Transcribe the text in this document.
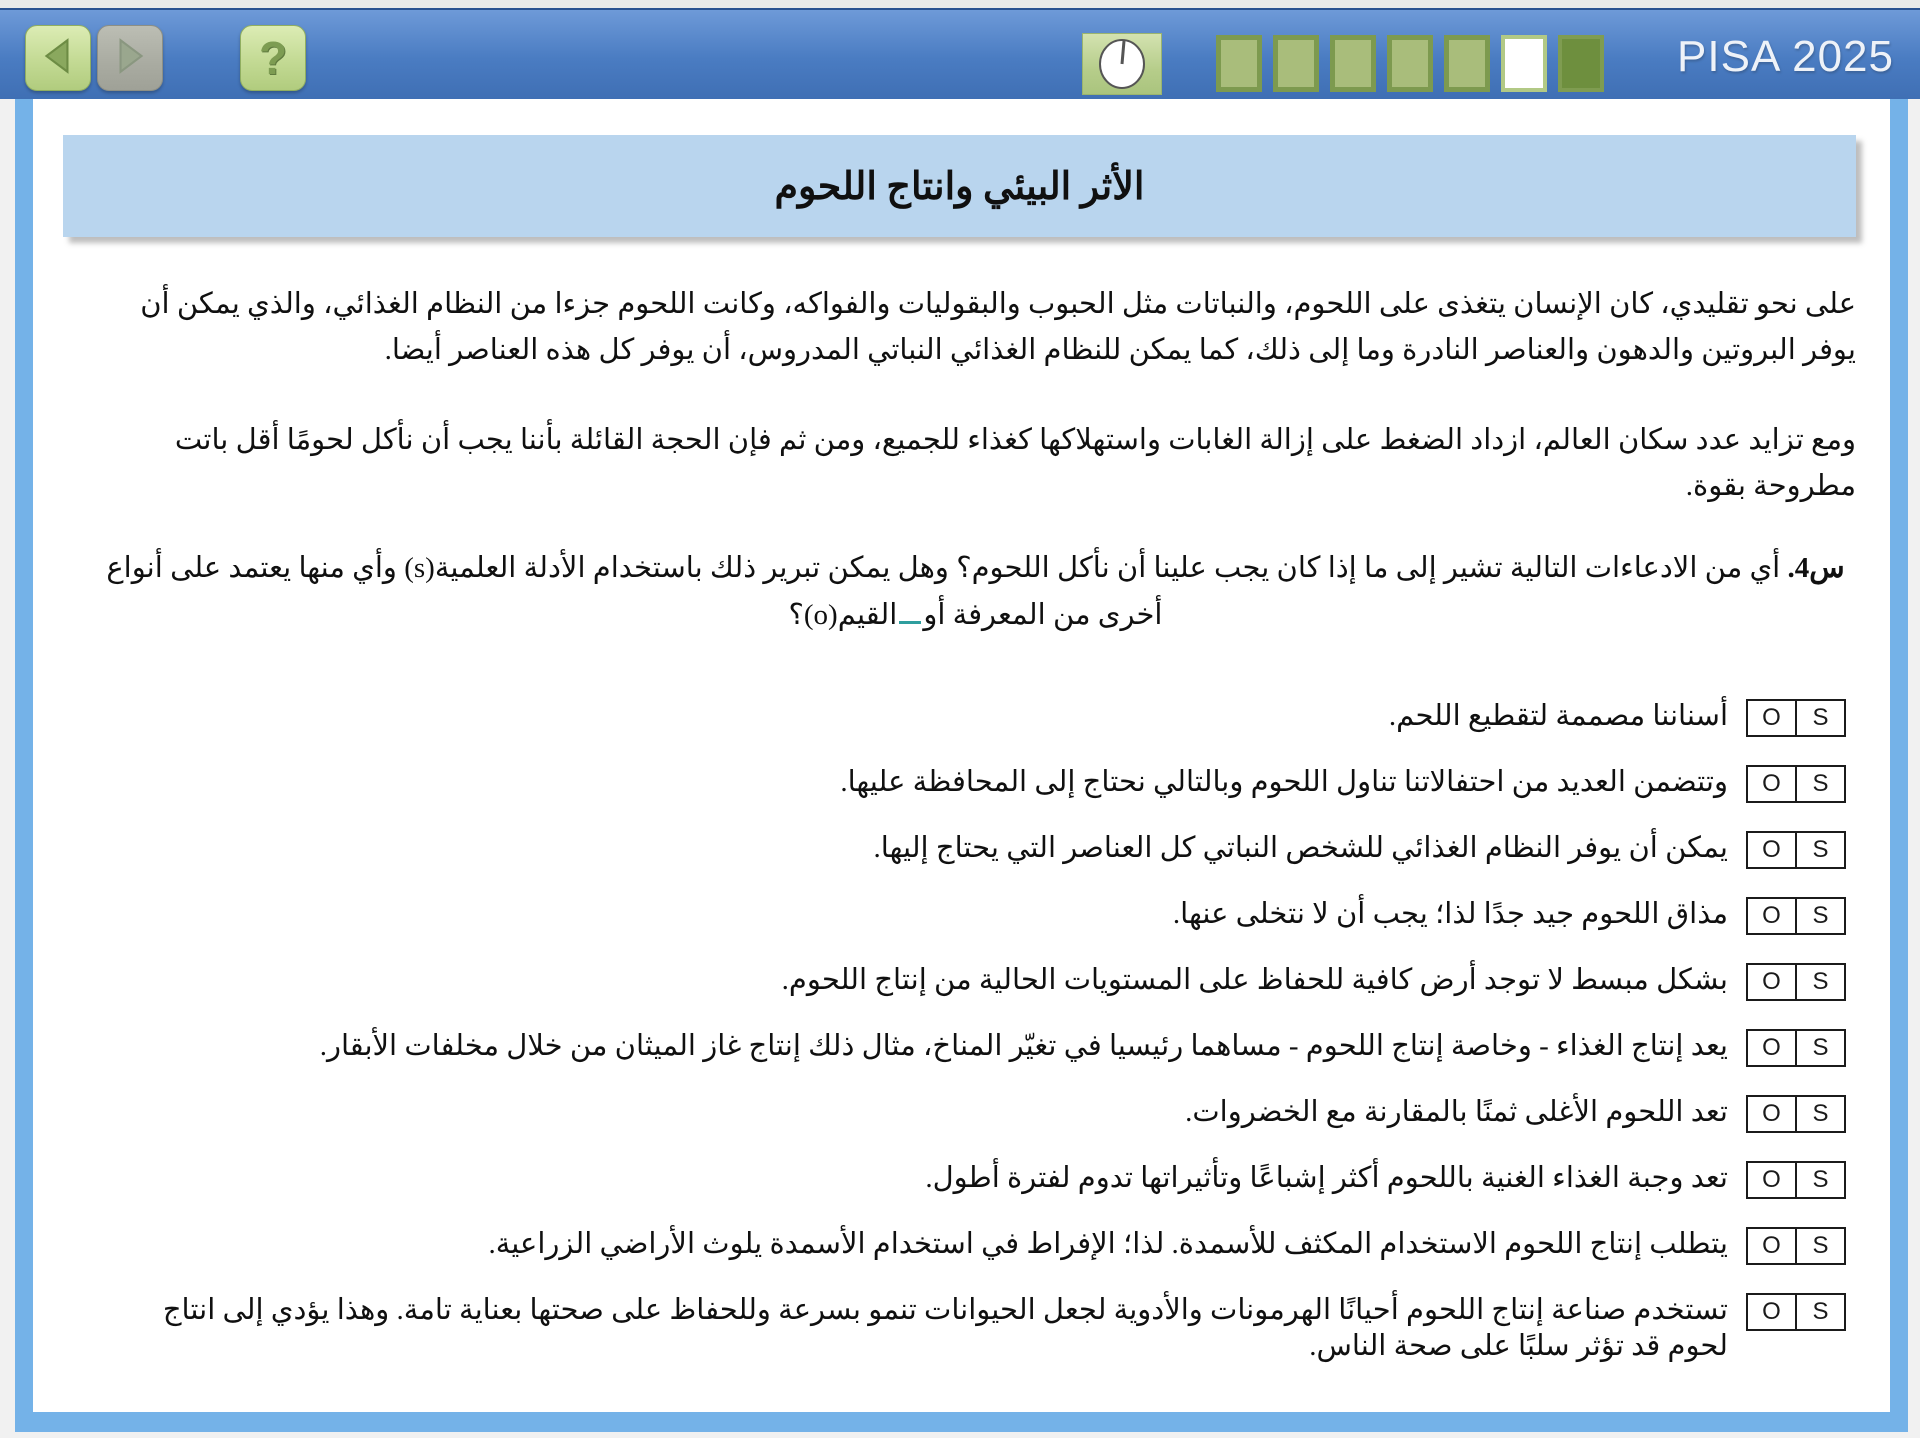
?	PISA 2025
الأثر البيئي وانتاج اللحوم

على نحو تقليدي، كان الإنسان يتغذى على اللحوم، والنباتات مثل الحبوب والبقوليات والفواكه، وكانت اللحوم جزءا من النظام الغذائي، والذي يمكن أن يوفر البروتين والدهون والعناصر النادرة وما إلى ذلك، كما يمكن للنظام الغذائي النباتي المدروس، أن يوفر كل هذه العناصر أيضا.

ومع تزايد عدد سكان العالم، ازداد الضغط على إزالة الغابات واستهلاكها كغذاء للجميع، ومن ثم فإن الحجة القائلة بأننا يجب أن نأكل لحومًا أقل باتت مطروحة بقوة.

س4. أي من الادعاءات التالية تشير إلى ما إذا كان يجب علينا أن نأكل اللحوم؟ وهل يمكن تبرير ذلك باستخدام الأدلة العلمية(s) وأي منها يعتمد على أنواع أخرى من المعرفة أوالقيم(o)؟

O	S
أسناننا مصممة لتقطيع اللحم.
O	S
وتتضمن العديد من احتفالاتنا تناول اللحوم وبالتالي نحتاج إلى المحافظة عليها.
O	S
يمكن أن يوفر النظام الغذائي للشخص النباتي كل العناصر التي يحتاج إليها.
O	S
مذاق اللحوم جيد جدًا لذا؛ يجب أن لا نتخلى عنها.
O	S
بشكل مبسط لا توجد أرض كافية للحفاظ على المستويات الحالية من إنتاج اللحوم.
O	S
يعد إنتاج الغذاء - وخاصة إنتاج اللحوم - مساهما رئيسيا في تغيّر المناخ، مثال ذلك إنتاج غاز الميثان من خلال مخلفات الأبقار.
O	S
تعد اللحوم الأغلى ثمنًا بالمقارنة مع الخضروات.
O	S
تعد وجبة الغذاء الغنية باللحوم أكثر إشباعًا وتأثيراتها تدوم لفترة أطول.
O	S
يتطلب إنتاج اللحوم الاستخدام المكثف للأسمدة. لذا؛ الإفراط في استخدام الأسمدة يلوث الأراضي الزراعية.
O	S
تستخدم صناعة إنتاج اللحوم أحيانًا الهرمونات والأدوية لجعل الحيوانات تنمو بسرعة وللحفاظ على صحتها بعناية تامة. وهذا يؤدي إلى انتاج لحوم قد تؤثر سلبًا على صحة الناس.
